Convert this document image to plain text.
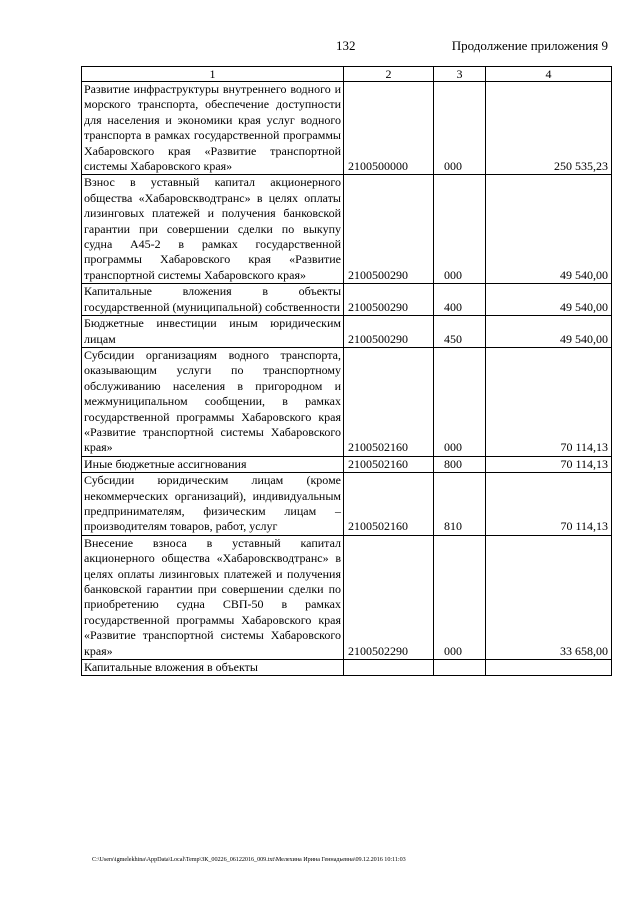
132	Продолжение приложения 9
1	2	3	4
Развитие инфраструктуры внутреннего водного и морского транспорта, обеспечение доступности для населения и экономики края услуг водного транспорта в рамках государственной программы Хабаровского края «Развитие транспортной системы Хабаровского края»	2100500000	000	250 535,23
Взнос в уставный капитал акционерного общества «Хабаровскводтранс» в целях оплаты лизинговых платежей и получения банковской гарантии при совершении сделки по выкупу судна А45-2 в рамках государственной программы Хабаровского края «Развитие транспортной системы Хабаровского края»	2100500290	000	49 540,00
Капитальные вложения в объекты государственной (муниципальной) собственности	2100500290	400	49 540,00
Бюджетные инвестиции иным юридическим лицам	2100500290	450	49 540,00
Субсидии организациям водного транспорта, оказывающим услуги по транспортному обслуживанию населения в пригородном и межмуниципальном сообщении, в рамках государственной программы Хабаровского края «Развитие транспортной системы Хабаровского края»	2100502160	000	70 114,13
Иные бюджетные ассигнования	2100502160	800	70 114,13
Субсидии юридическим лицам (кроме некоммерческих организаций), индивидуальным предпринимателям, физическим лицам – производителям товаров, работ, услуг	2100502160	810	70 114,13
Внесение взноса в уставный капитал акционерного общества «Хабаровскводтранс» в целях оплаты лизинговых платежей и получения банковской гарантии при совершении сделки по приобретению судна СВП-50 в рамках государственной программы Хабаровского края «Развитие транспортной системы Хабаровского края»	2100502290	000	33 658,00
Капитальные вложения в объекты			
C:\Users\igmelekhina\AppData\Local\Temp\ЗК_00226_06122016_009.txt\Мелехина Ирина Геннадьевна\09.12.2016 10:11:03
